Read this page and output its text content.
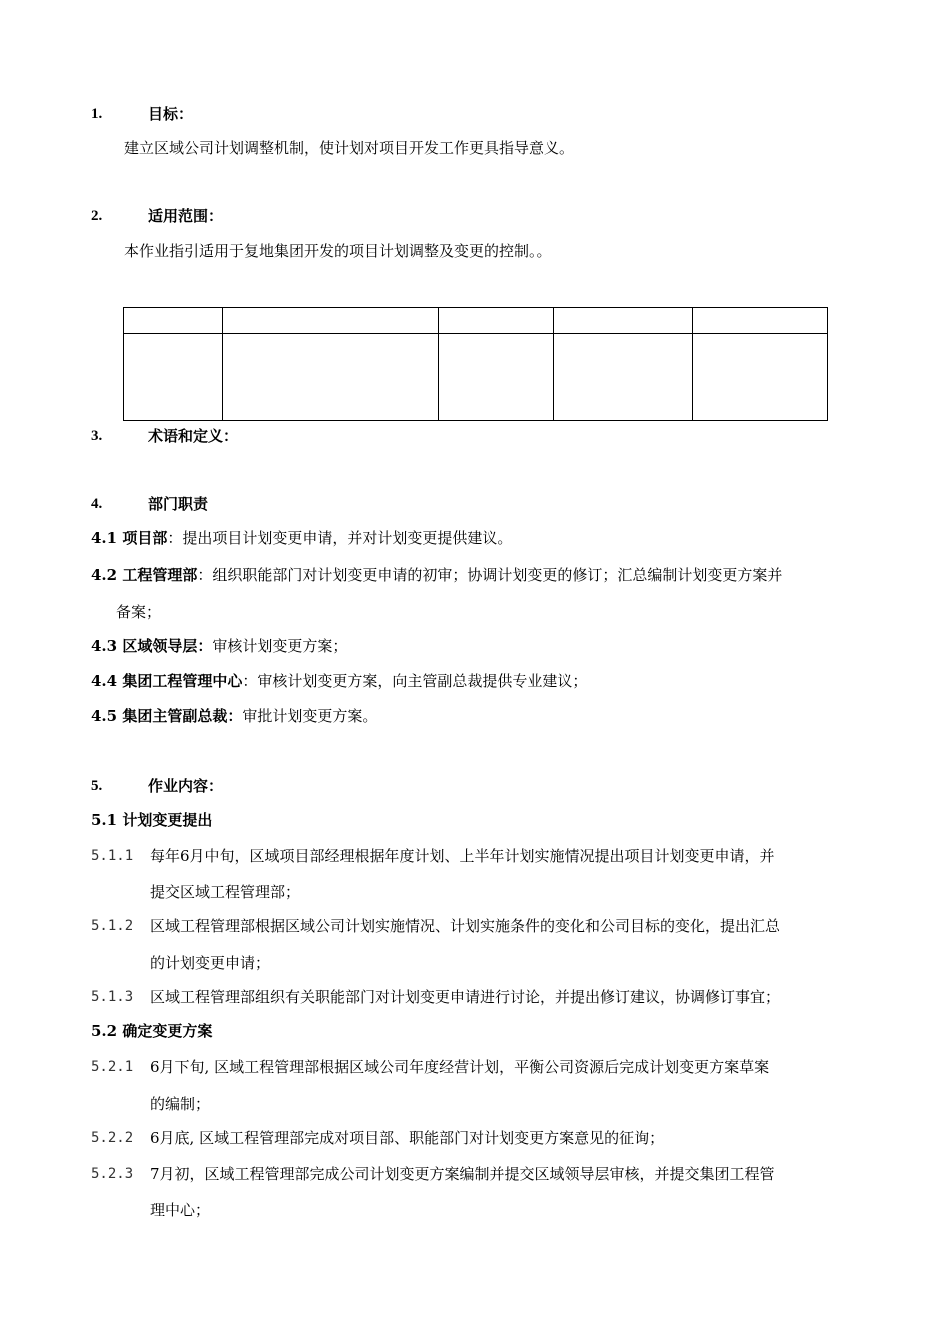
1.	目标：
建立区域公司计划调整机制，使计划对项目开发工作更具指导意义。
2.	适用范围：
本作业指引适用于复地集团开发的项目计划调整及变更的控制。。

3.	术语和定义：
4.	部门职责
4.1 项目部：提出项目计划变更申请，并对计划变更提供建议。
4.2 工程管理部：组织职能部门对计划变更申请的初审；协调计划变更的修订；汇总编制计划变更方案并
备案；
4.3 区域领导层：审核计划变更方案；
4.4 集团工程管理中心：审核计划变更方案，向主管副总裁提供专业建议；
4.5 集团主管副总裁：审批计划变更方案。
5.	作业内容：
5.1 计划变更提出
5.1.1 每年6月中旬，区域项目部经理根据年度计划、上半年计划实施情况提出项目计划变更申请，并
提交区域工程管理部；
5.1.2 区域工程管理部根据区域公司计划实施情况、计划实施条件的变化和公司目标的变化，提出汇总
的计划变更申请；
5.1.3 区域工程管理部组织有关职能部门对计划变更申请进行讨论，并提出修订建议，协调修订事宜；
5.2 确定变更方案
5.2.1 6月下旬, 区域工程管理部根据区域公司年度经营计划，平衡公司资源后完成计划变更方案草案
的编制；
5.2.2 6月底, 区域工程管理部完成对项目部、职能部门对计划变更方案意见的征询；
5.2.3 7月初，区域工程管理部完成公司计划变更方案编制并提交区域领导层审核，并提交集团工程管
理中心；
